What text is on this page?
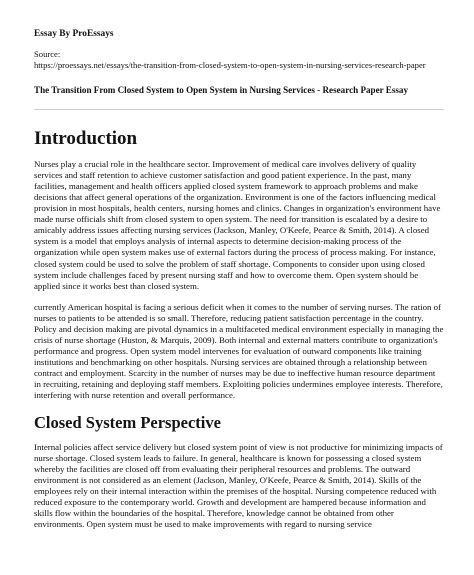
Essay By ProEssays
Source:
https://proessays.net/essays/the-transition-from-closed-system-to-open-system-in-nursing-services-research-paper
The Transition From Closed System to Open System in Nursing Services - Research Paper Essay
Introduction

Nurses play a crucial role in the healthcare sector. Improvement of medical care involves delivery of quality services and staff retention to achieve customer satisfaction and good patient experience. In the past, many facilities, management and health officers applied closed system framework to approach problems and make decisions that affect general operations of the organization. Environment is one of the factors influencing medical provision in most hospitals, health centers, nursing homes and clinics. Changes in organization's environment have made nurse officials shift from closed system to open system. The need for transition is escalated by a desire to amicably address issues affecting nursing services (Jackson, Manley, O'Keefe, Pearce & Smith, 2014). A closed system is a model that employs analysis of internal aspects to determine decision-making process of the organization while open system makes use of external factors during the process of process making. For instance, closed system could be used to solve the problem of staff shortage. Components to consider upon using closed system include challenges faced by present nursing staff and how to overcome them. Open system should be applied since it works best than closed system.

currently American hospital is facing a serious deficit when it comes to the number of serving nurses. The ration of nurses to patients to be attended is so small. Therefore, reducing patient satisfaction percentage in the country. Policy and decision making are pivotal dynamics in a multifaceted medical environment especially in managing the crisis of nurse shortage (Huston, & Marquis, 2009). Both internal and external matters contribute to organization's performance and progress. Open system model intervenes for evaluation of outward components like training institutions and benchmarking on other hospitals. Nursing services are obtained through a relationship between contract and employment. Scarcity in the number of nurses may be due to ineffective human resource department in recruiting, retaining and deploying staff members. Exploiting policies undermines employee interests. Therefore, interfering with nurse retention and overall performance.

Closed System Perspective

Internal policies affect service delivery but closed system point of view is not productive for minimizing impacts of nurse shortage. Closed system leads to failure. In general, healthcare is known for possessing a closed system whereby the facilities are closed off from evaluating their peripheral resources and problems. The outward environment is not considered as an element (Jackson, Manley, O'Keefe, Pearce & Smith, 2014). Skills of the employees rely on their internal interaction within the premises of the hospital. Nursing competence reduced with reduced exposure to the contemporary world. Growth and development are hampered because information and skills flow within the boundaries of the hospital. Therefore, knowledge cannot be obtained from other environments. Open system must be used to make improvements with regard to nursing service
